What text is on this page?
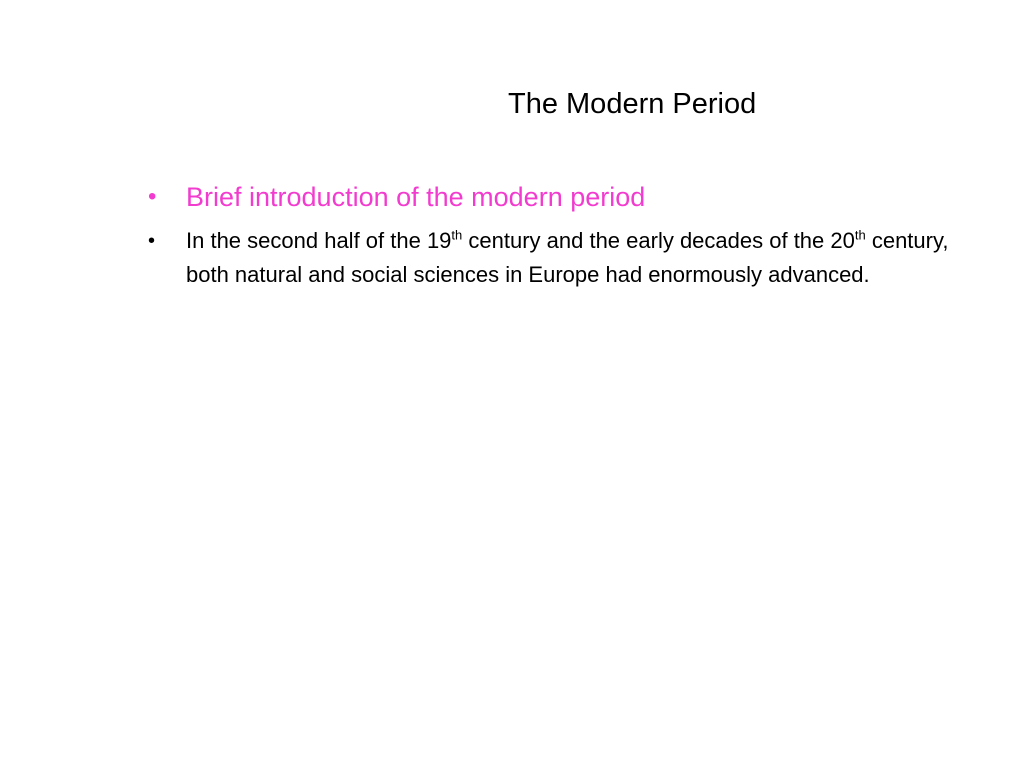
The Modern Period
• Brief introduction of the modern period
• In the second half of the 19th century and the early decades of the 20th century, both natural and social sciences in Europe had enormously advanced.
